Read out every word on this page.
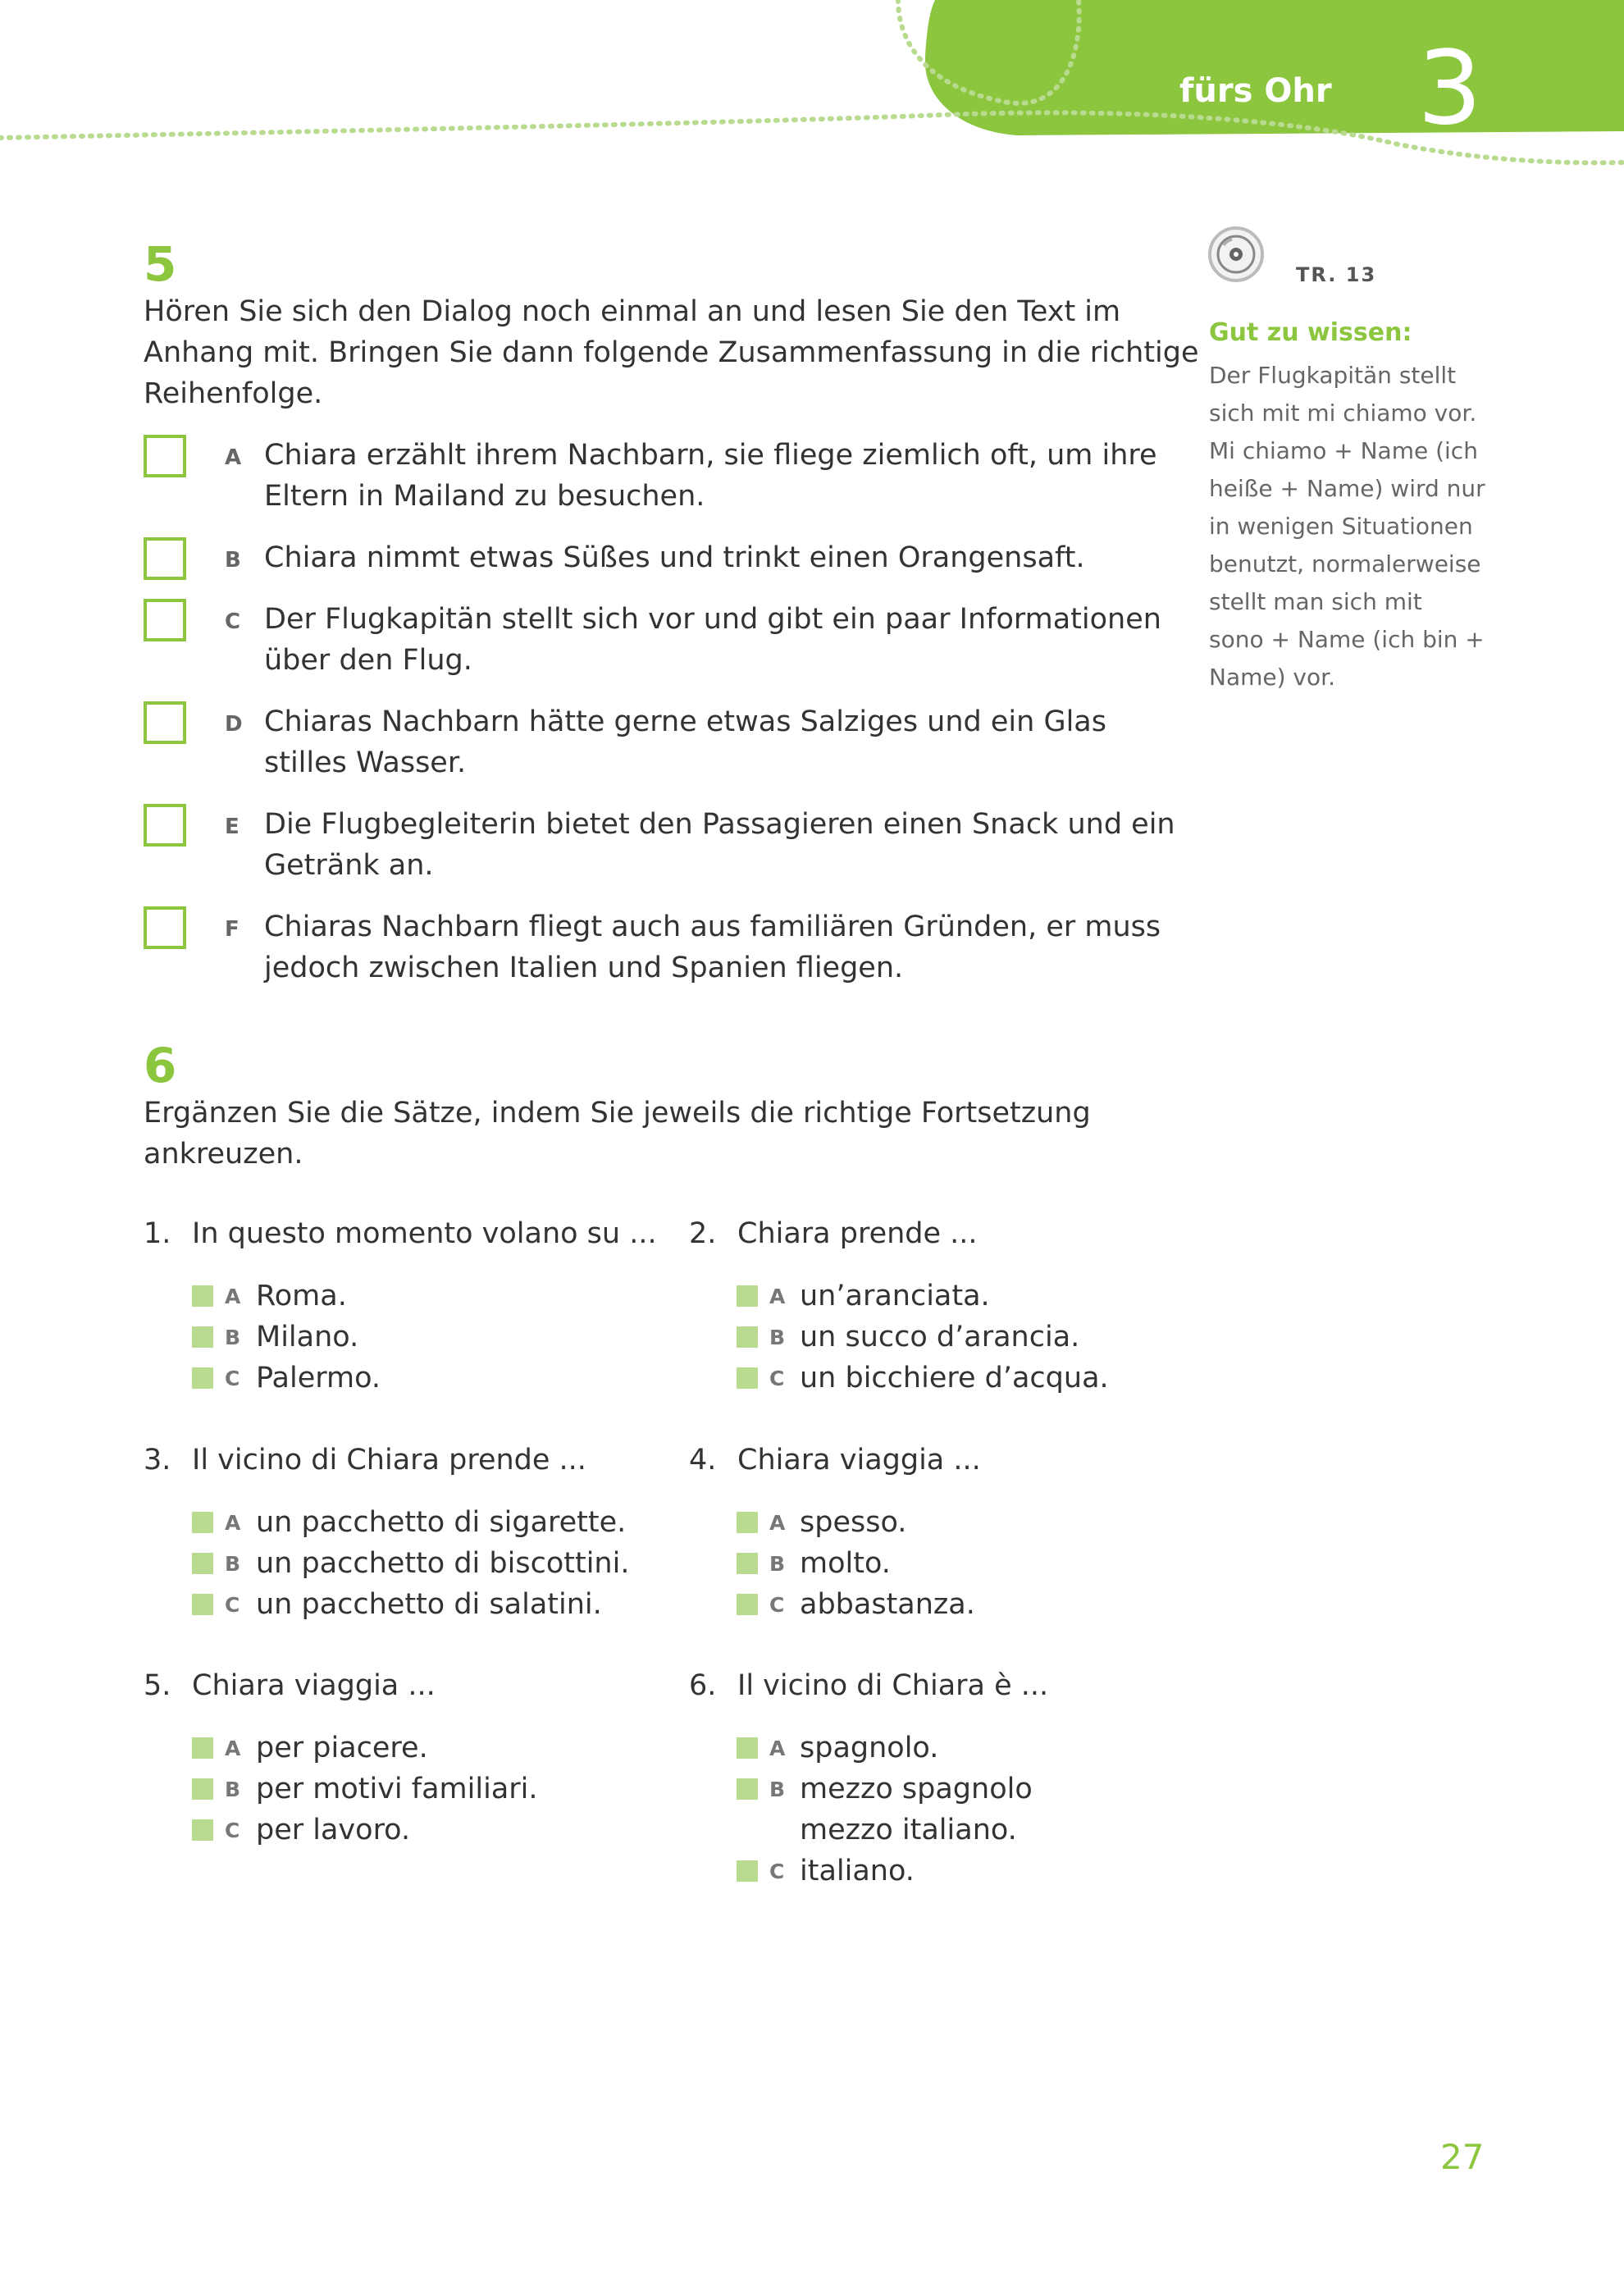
fürs Ohr 3
5
Hören Sie sich den Dialog noch einmal an und lesen Sie den Text im
Anhang mit. Bringen Sie dann folgende Zusammenfassung in die richtige
Reihenfolge.
A Chiara erzählt ihrem Nachbarn, sie fliege ziemlich oft, um ihre
Eltern in Mailand zu besuchen.
B Chiara nimmt etwas Süßes und trinkt einen Orangensaft.
C Der Flugkapitän stellt sich vor und gibt ein paar Informationen
über den Flug.
D Chiaras Nachbarn hätte gerne etwas Salziges und ein Glas
stilles Wasser.
E Die Flugbegleiterin bietet den Passagieren einen Snack und ein
Getränk an.
F Chiaras Nachbarn fliegt auch aus familiären Gründen, er muss
jedoch zwischen Italien und Spanien fliegen.
6
Ergänzen Sie die Sätze, indem Sie jeweils die richtige Fortsetzung
ankreuzen.
1. In questo momento volano su ...
A Roma.
B Milano.
C Palermo.
2. Chiara prende ...
A un’aranciata.
B un succo d’arancia.
C un bicchiere d’acqua.
3. Il vicino di Chiara prende ...
A un pacchetto di sigarette.
B un pacchetto di biscottini.
C un pacchetto di salatini.
4. Chiara viaggia ...
A spesso.
B molto.
C abbastanza.
5. Chiara viaggia ...
A per piacere.
B per motivi familiari.
C per lavoro.
6. Il vicino di Chiara è ...
A spagnolo.
B mezzo spagnolo
mezzo italiano.
C italiano.
TR. 13
Gut zu wissen:
Der Flugkapitän stellt
sich mit mi chiamo vor.
Mi chiamo + Name (ich
heiße + Name) wird nur
in wenigen Situationen
benutzt, normalerweise
stellt man sich mit
sono + Name (ich bin +
Name) vor.
27
